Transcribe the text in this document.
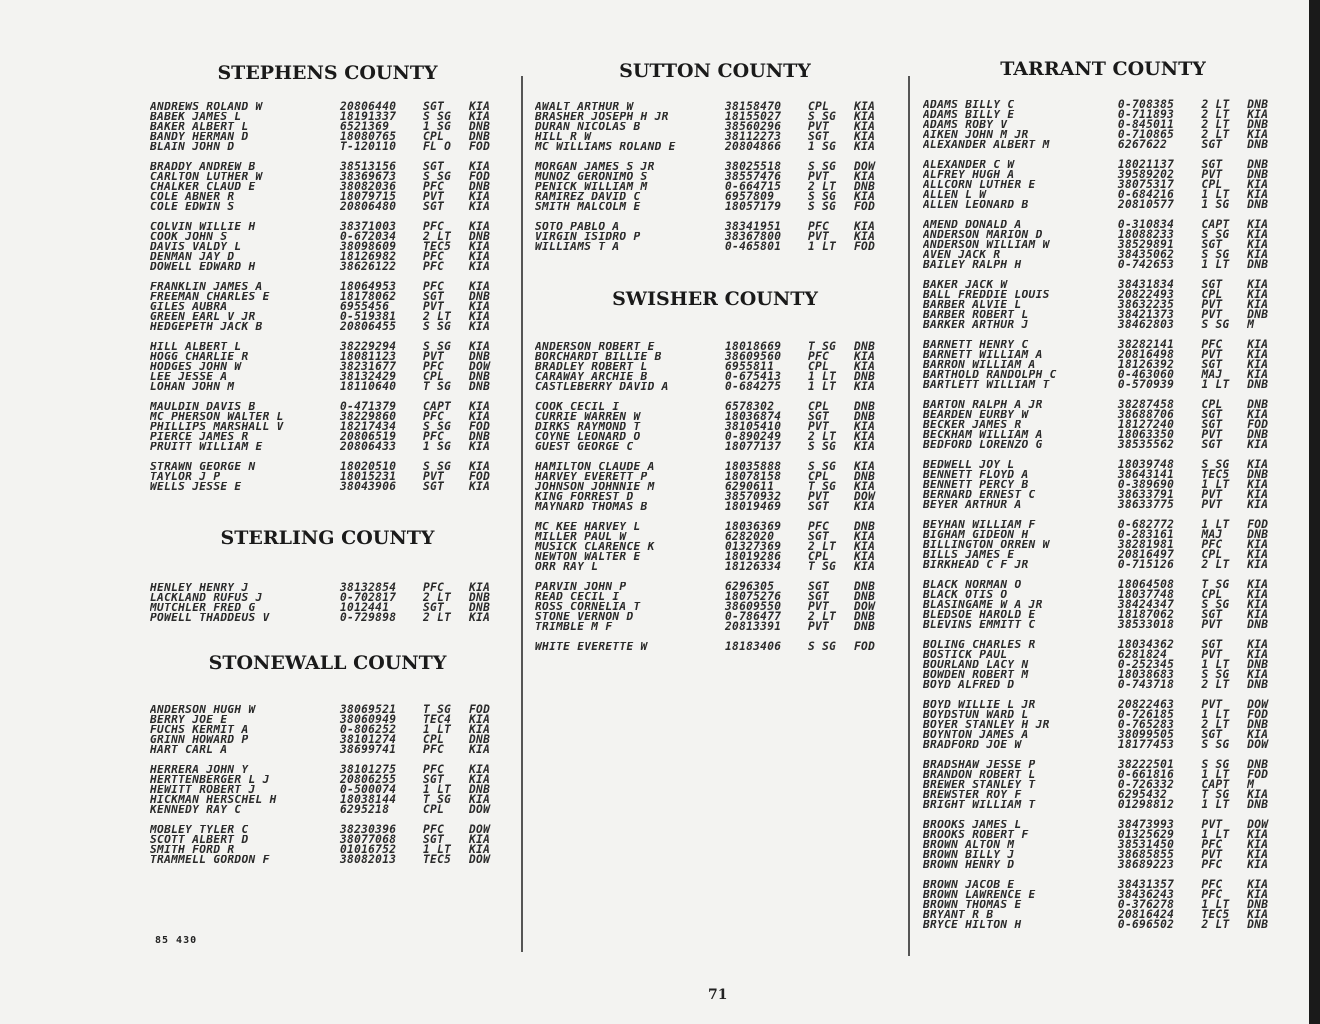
STEPHENS COUNTY
ANDREWS ROLAND W	20806440	SGT	KIA
BABEK JAMES L	18191337	S SG	KIA
BAKER ALBERT L	6521369	1 SG	DNB
BANDY HERMAN D	18080765	CPL	DNB
BLAIN JOHN D	T-120110	FL O	FOD
BRADDY ANDREW B	38513156	SGT	KIA
CARLTON LUTHER W	38369673	S SG	FOD
CHALKER CLAUD E	38082036	PFC	DNB
COLE ABNER R	18079715	PVT	KIA
COLE EDWIN S	20806480	SGT	KIA
COLVIN WILLIE H	38371003	PFC	KIA
COOK JOHN S	0-672034	2 LT	DNB
DAVIS VALDY L	38098609	TEC5	KIA
DENMAN JAY D	18126982	PFC	KIA
DOWELL EDWARD H	38626122	PFC	KIA
FRANKLIN JAMES A	18064953	PFC	KIA
FREEMAN CHARLES E	18178062	SGT	DNB
GILES AUBRA	6955456	PVT	KIA
GREEN EARL V JR	0-519381	2 LT	KIA
HEDGEPETH JACK B	20806455	S SG	KIA
HILL ALBERT L	38229294	S SG	KIA
HOGG CHARLIE R	18081123	PVT	DNB
HODGES JOHN W	38231677	PFC	DOW
LEE JESSE A	38132429	CPL	DNB
LOHAN JOHN M	18110640	T SG	DNB
MAULDIN DAVIS B	0-471379	CAPT	KIA
MC PHERSON WALTER L	38229860	PFC	KIA
PHILLIPS MARSHALL V	18217434	S SG	FOD
PIERCE JAMES R	20806519	PFC	DNB
PRUITT WILLIAM E	20806433	1 SG	KIA
STRAWN GEORGE N	18020510	S SG	KIA
TAYLOR J P	18015231	PVT	FOD
WELLS JESSE E	38043906	SGT	KIA
STERLING COUNTY
HENLEY HENRY J	38132854	PFC	KIA
LACKLAND RUFUS J	0-702817	2 LT	DNB
MUTCHLER FRED G	1012441	SGT	DNB
POWELL THADDEUS V	0-729898	2 LT	KIA
STONEWALL COUNTY
ANDERSON HUGH W	38069521	T SG	FOD
BERRY JOE E	38060949	TEC4	KIA
FUCHS KERMIT A	0-806252	1 LT	KIA
GRINN HOWARD P	38101274	CPL	DNB
HART CARL A	38699741	PFC	KIA
HERRERA JOHN Y	38101275	PFC	KIA
HERTTENBERGER L J	20806255	SGT	KIA
HEWITT ROBERT J	0-500074	1 LT	DNB
HICKMAN HERSCHEL H	18038144	T SG	KIA
KENNEDY RAY C	6295218	CPL	DOW
MOBLEY TYLER C	38230396	PFC	DOW
SCOTT ALBERT D	38077068	SGT	KIA
SMITH FORD R	01016752	1 LT	KIA
TRAMMELL GORDON F	38082013	TEC5	DOW
SUTTON COUNTY
AWALT ARTHUR W	38158470	CPL	KIA
BRASHER JOSEPH H JR	18155027	S SG	KIA
DURAN NICOLAS B	38560296	PVT	KIA
HILL R W	38112273	SGT	KIA
MC WILLIAMS ROLAND E	20804866	1 SG	KIA
MORGAN JAMES S JR	38025518	S SG	DOW
MUNOZ GERONIMO S	38557476	PVT	KIA
PENICK WILLIAM M	0-664715	2 LT	DNB
RAMIREZ DAVID C	6957809	S SG	KIA
SMITH MALCOLM E	18057179	S SG	FOD
SOTO PABLO A	38341951	PFC	KIA
VIRGIN ISIDRO P	38367800	PVT	KIA
WILLIAMS T A	0-465801	1 LT	FOD
SWISHER COUNTY
ANDERSON ROBERT E	18018669	T SG	DNB
BORCHARDT BILLIE B	38609560	PFC	KIA
BRADLEY ROBERT L	6955811	CPL	KIA
CARAWAY ARCHIE B	0-675413	1 LT	DNB
CASTLEBERRY DAVID A	0-684275	1 LT	KIA
COOK CECIL I	6578302	CPL	DNB
CURRIE WARREN W	18036874	SGT	DNB
DIRKS RAYMOND T	38105410	PVT	KIA
COYNE LEONARD O	0-890249	2 LT	KIA
GUEST GEORGE C	18077137	S SG	KIA
HAMILTON CLAUDE A	18035888	S SG	KIA
HARVEY EVERETT P	18078158	CPL	DNB
JOHNSON JOHNNIE M	6290611	T SG	KIA
KING FORREST D	38570932	PVT	DOW
MAYNARD THOMAS B	18019469	SGT	KIA
MC KEE HARVEY L	18036369	PFC	DNB
MILLER PAUL W	6282020	SGT	KIA
MUSICK CLARENCE K	01327369	2 LT	KIA
NEWTON WALTER E	18019286	CPL	KIA
ORR RAY L	18126334	T SG	KIA
PARVIN JOHN P	6296305	SGT	DNB
READ CECIL I	18075276	SGT	DNB
ROSS CORNELIA T	38609550	PVT	DOW
STONE VERNON D	0-786477	2 LT	DNB
TRIMBLE M F	20813391	PVT	DNB
WHITE EVERETTE W	18183406	S SG	FOD
TARRANT COUNTY
ADAMS BILLY C	0-708385	2 LT	DNB
ADAMS BILLY E	0-711893	2 LT	KIA
ADAMS ROBY V	0-845011	2 LT	DNB
AIKEN JOHN M JR	0-710865	2 LT	KIA
ALEXANDER ALBERT M	6267622	SGT	DNB
ALEXANDER C W	18021137	SGT	DNB
ALFREY HUGH A	39589202	PVT	DNB
ALLCORN LUTHER E	38075317	CPL	KIA
ALLEN L W	0-684216	1 LT	KIA
ALLEN LEONARD B	20810577	1 SG	DNB
AMEND DONALD A	0-310834	CAPT	KIA
ANDERSON MARION D	18088233	S SG	KIA
ANDERSON WILLIAM W	38529891	SGT	KIA
AVEN JACK R	38435062	S SG	KIA
BAILEY RALPH H	0-742653	1 LT	DNB
BAKER JACK W	38431834	SGT	KIA
BALL FREDDIE LOUIS	20822493	CPL	KIA
BARBER ALVIE L	38632235	PVT	KIA
BARBER ROBERT L	38421373	PVT	DNB
BARKER ARTHUR J	38462803	S SG	M
BARNETT HENRY C	38282141	PFC	KIA
BARNETT WILLIAM A	20816498	PVT	KIA
BARRON WILLIAM A	18126392	SGT	KIA
BARTHOLD RANDOLPH C	0-463060	MAJ	KIA
BARTLETT WILLIAM T	0-570939	1 LT	DNB
BARTON RALPH A JR	38287458	CPL	DNB
BEARDEN EURBY W	38688706	SGT	KIA
BECKER JAMES R	18127240	SGT	FOD
BECKHAM WILLIAM A	18063350	PVT	DNB
BEDFORD LORENZO G	38535562	SGT	KIA
BEDWELL JOY L	18039748	S SG	KIA
BENNETT FLOYD A	38643141	TEC5	DNB
BENNETT PERCY B	0-389690	1 LT	KIA
BERNARD ERNEST C	38633791	PVT	KIA
BEYER ARTHUR A	38633775	PVT	KIA
BEYHAN WILLIAM F	0-682772	1 LT	FOD
BIGHAM GIDEON H	0-283161	MAJ	DNB
BILLINGTON ORREN W	38281981	PFC	KIA
BILLS JAMES E	20816497	CPL	KIA
BIRKHEAD C F JR	0-715126	2 LT	KIA
BLACK NORMAN O	18064508	T SG	KIA
BLACK OTIS O	18037748	CPL	KIA
BLASINGAME W A JR	38424347	S SG	KIA
BLEDSOE HAROLD E	18187062	SGT	KIA
BLEVINS EMMITT C	38533018	PVT	DNB
BOLING CHARLES R	18034362	SGT	KIA
BOSTICK PAUL	6281824	PVT	KIA
BOURLAND LACY N	0-252345	1 LT	DNB
BOWDEN ROBERT M	18038683	S SG	KIA
BOYD ALFRED D	0-743718	2 LT	DNB
BOYD WILLIE L JR	20822463	PVT	DOW
BOYDSTUN WARD L	0-726185	1 LT	FOD
BOYER STANLEY H JR	0-765283	2 LT	DNB
BOYNTON JAMES A	38099505	SGT	KIA
BRADFORD JOE W	18177453	S SG	DOW
BRADSHAW JESSE P	38222501	S SG	DNB
BRANDON ROBERT L	0-661816	1 LT	FOD
BREWER STANLEY T	0-726332	CAPT	M
BREWSTER ROY F	6295432	T SG	KIA
BRIGHT WILLIAM T	01298812	1 LT	DNB
BROOKS JAMES L	38473993	PVT	DOW
BROOKS ROBERT F	01325629	1 LT	KIA
BROWN ALTON M	38531450	PFC	KIA
BROWN BILLY J	38685855	PVT	KIA
BROWN HENRY D	38689223	PFC	KIA
BROWN JACOB E	38431357	PFC	KIA
BROWN LAWRENCE E	38436243	PFC	KIA
BROWN THOMAS E	0-376278	1 LT	DNB
BRYANT R B	20816424	TEC5	KIA
BRYCE HILTON H	0-696502	2 LT	DNB
85 430
71
